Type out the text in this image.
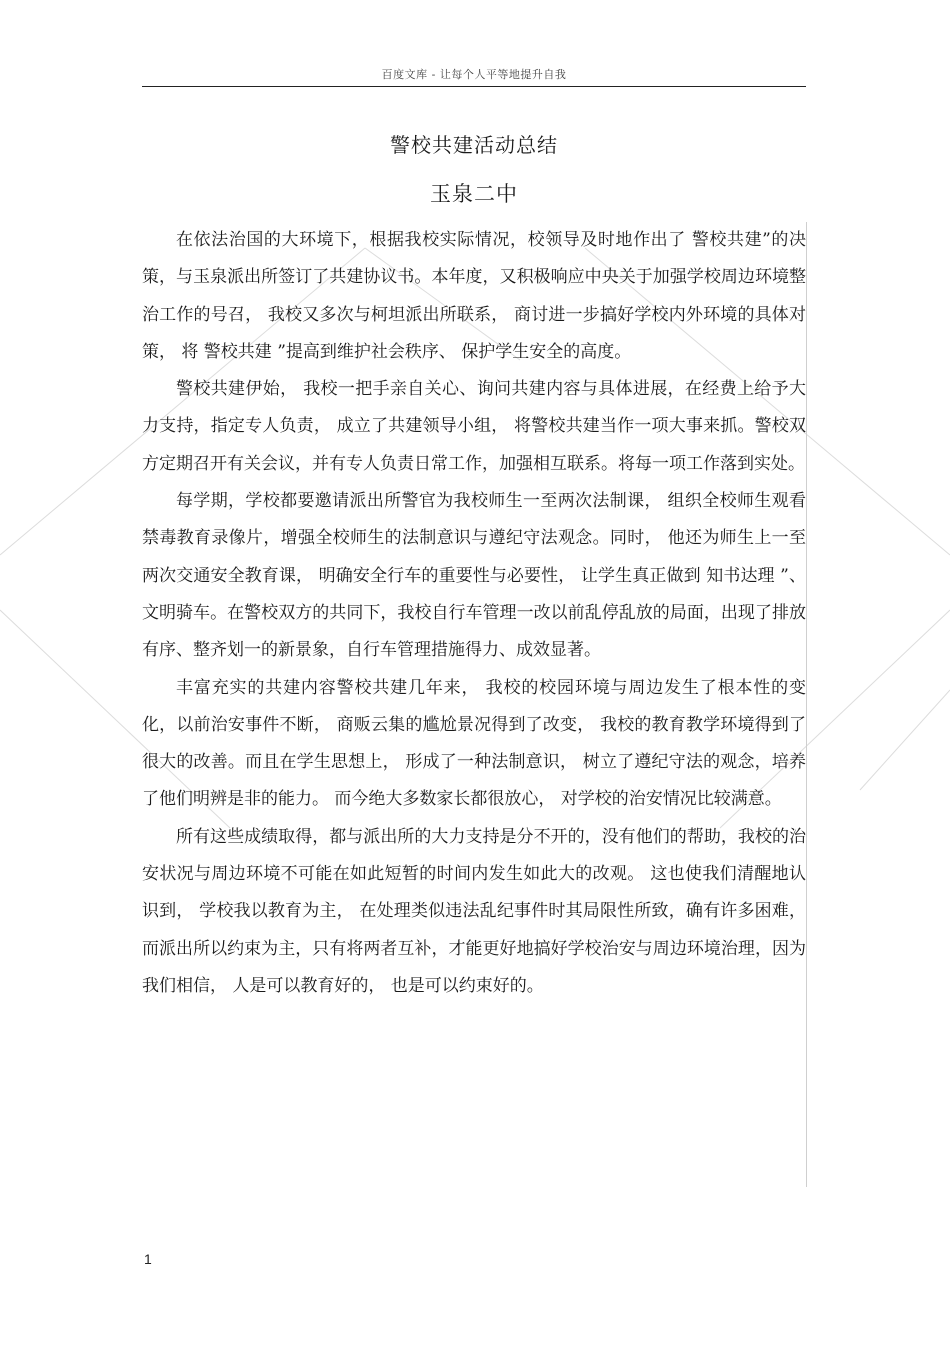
百度文库 - 让每个人平等地提升自我
警校共建活动总结
玉泉二中

在依法治国的大环境下，根据我校实际情况，校领导及时地作出了 警校共建”的决策，与玉泉派出所签订了共建协议书。本年度，又积极响应中央关于加强学校周边环境整治工作的号召， 我校又多次与柯坦派出所联系， 商讨进一步搞好学校内外环境的具体对策， 将 警校共建 ”提高到维护社会秩序、 保护学生安全的高度。

警校共建伊始， 我校一把手亲自关心、询问共建内容与具体进展，在经费上给予大力支持，指定专人负责， 成立了共建领导小组， 将警校共建当作一项大事来抓。警校双方定期召开有关会议，并有专人负责日常工作，加强相互联系。将每一项工作落到实处。

每学期，学校都要邀请派出所警官为我校师生一至两次法制课， 组织全校师生观看禁毒教育录像片，增强全校师生的法制意识与遵纪守法观念。同时， 他还为师生上一至两次交通安全教育课， 明确安全行车的重要性与必要性， 让学生真正做到 知书达理 ”、文明骑车。在警校双方的共同下，我校自行车管理一改以前乱停乱放的局面，出现了排放有序、整齐划一的新景象，自行车管理措施得力、成效显著。

丰富充实的共建内容警校共建几年来， 我校的校园环境与周边发生了根本性的变化，以前治安事件不断， 商贩云集的尴尬景况得到了改变， 我校的教育教学环境得到了很大的改善。而且在学生思想上， 形成了一种法制意识， 树立了遵纪守法的观念，培养了他们明辨是非的能力。 而今绝大多数家长都很放心， 对学校的治安情况比较满意。

所有这些成绩取得，都与派出所的大力支持是分不开的，没有他们的帮助，我校的治安状况与周边环境不可能在如此短暂的时间内发生如此大的改观。 这也使我们清醒地认识到， 学校我以教育为主， 在处理类似违法乱纪事件时其局限性所致，确有许多困难，而派出所以约束为主，只有将两者互补，才能更好地搞好学校治安与周边环境治理，因为我们相信， 人是可以教育好的， 也是可以约束好的。

1
